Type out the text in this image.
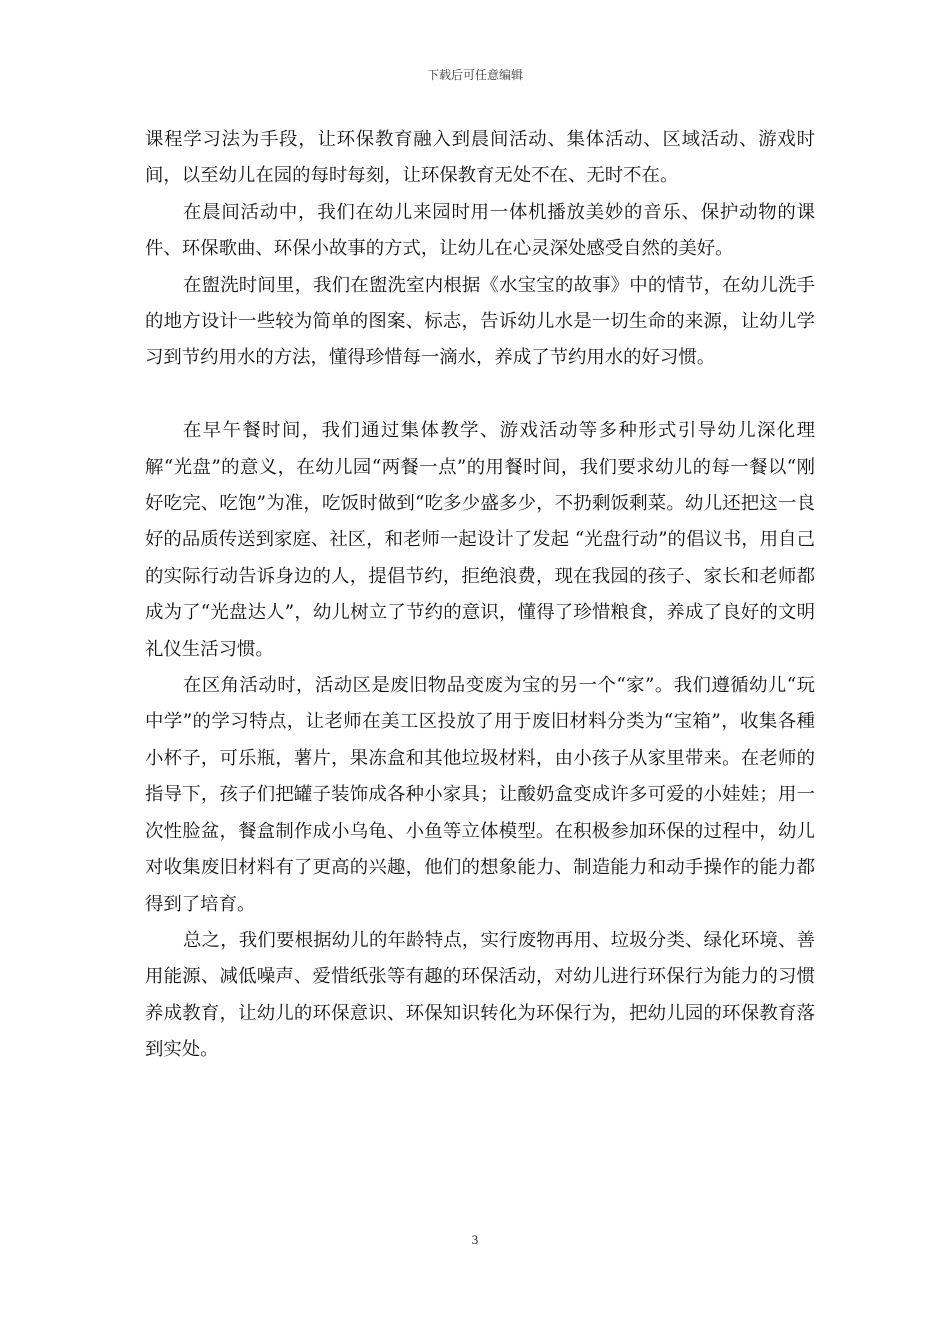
下载后可任意编辑

课程学习法为手段，让环保教育融入到晨间活动、集体活动、区域活动、游戏时间，以至幼儿在园的每时每刻，让环保教育无处不在、无时不在。

在晨间活动中，我们在幼儿来园时用一体机播放美妙的音乐、保护动物的课件、环保歌曲、环保小故事的方式，让幼儿在心灵深处感受自然的美好。

在盥洗时间里，我们在盥洗室内根据《水宝宝的故事》中的情节，在幼儿洗手的地方设计一些较为简单的图案、标志，告诉幼儿水是一切生命的来源，让幼儿学习到节约用水的方法，懂得珍惜每一滴水，养成了节约用水的好习惯。

在早午餐时间，我们通过集体教学、游戏活动等多种形式引导幼儿深化理解“光盘”的意义，在幼儿园“两餐一点”的用餐时间，我们要求幼儿的每一餐以“刚好吃完、吃饱”为准，吃饭时做到“吃多少盛多少，不扔剩饭剩菜。幼儿还把这一良好的品质传送到家庭、社区，和老师一起设计了发起 “光盘行动”的倡议书，用自己的实际行动告诉身边的人，提倡节约，拒绝浪费，现在我园的孩子、家长和老师都成为了“光盘达人”，幼儿树立了节约的意识，懂得了珍惜粮食，养成了良好的文明礼仪生活习惯。

在区角活动时，活动区是废旧物品变废为宝的另一个“家”。我们遵循幼儿“玩中学”的学习特点，让老师在美工区投放了用于废旧材料分类为“宝箱”，收集各種小杯子，可乐瓶，薯片，果冻盒和其他垃圾材料，由小孩子从家里带来。在老师的指导下，孩子们把罐子装饰成各种小家具；让酸奶盒变成许多可爱的小娃娃；用一次性脸盆，餐盒制作成小乌龟、小鱼等立体模型。在积极参加环保的过程中，幼儿对收集废旧材料有了更高的兴趣，他们的想象能力、制造能力和动手操作的能力都得到了培育。

总之，我们要根据幼儿的年龄特点，实行废物再用、垃圾分类、绿化环境、善用能源、减低噪声、爱惜纸张等有趣的环保活动，对幼儿进行环保行为能力的习惯养成教育，让幼儿的环保意识、环保知识转化为环保行为，把幼儿园的环保教育落到实处。

3
